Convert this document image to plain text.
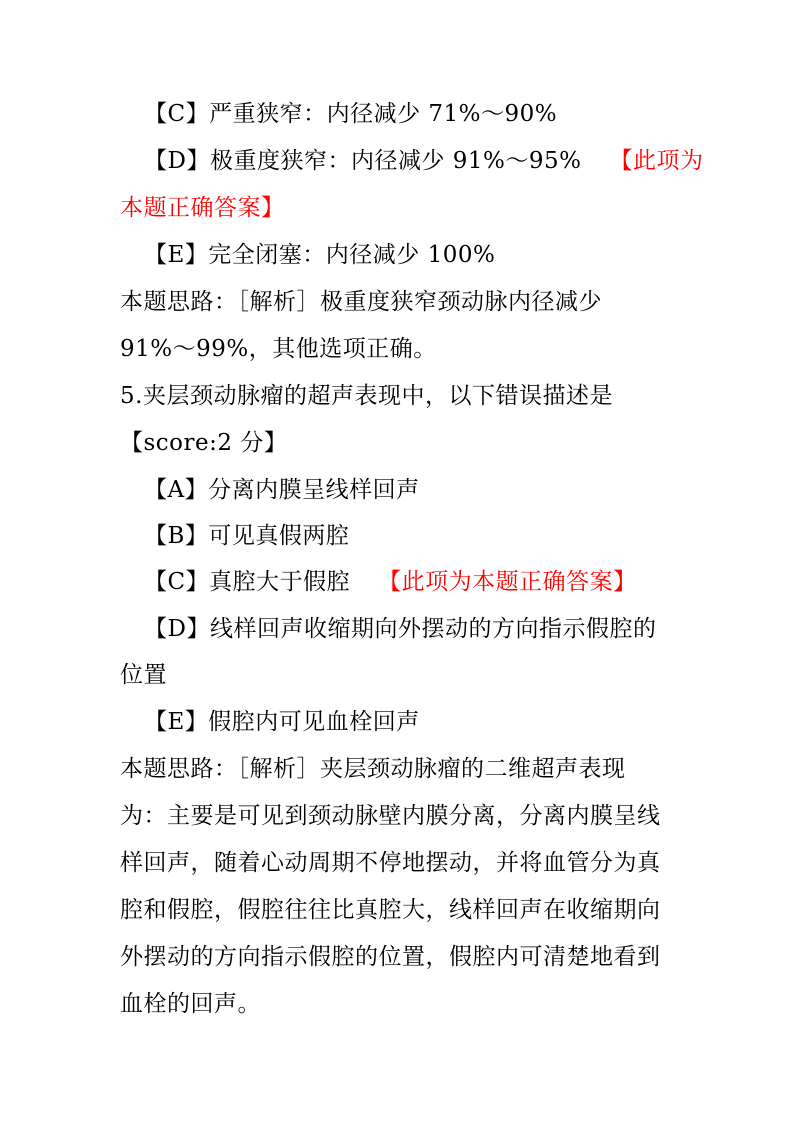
【C】严重狭窄：内径减少 71%～90%
【D】极重度狭窄：内径减少 91%～95% 【此项为
本题正确答案】
【E】完全闭塞：内径减少 100%
本题思路：［解析］极重度狭窄颈动脉内径减少
91%～99%，其他选项正确。
5.夹层颈动脉瘤的超声表现中，以下错误描述是
【score:2 分】
【A】分离内膜呈线样回声
【B】可见真假两腔
【C】真腔大于假腔 【此项为本题正确答案】
【D】线样回声收缩期向外摆动的方向指示假腔的
位置
【E】假腔内可见血栓回声
本题思路：［解析］夹层颈动脉瘤的二维超声表现
为：主要是可见到颈动脉壁内膜分离，分离内膜呈线
样回声，随着心动周期不停地摆动，并将血管分为真
腔和假腔，假腔往往比真腔大，线样回声在收缩期向
外摆动的方向指示假腔的位置，假腔内可清楚地看到
血栓的回声。
